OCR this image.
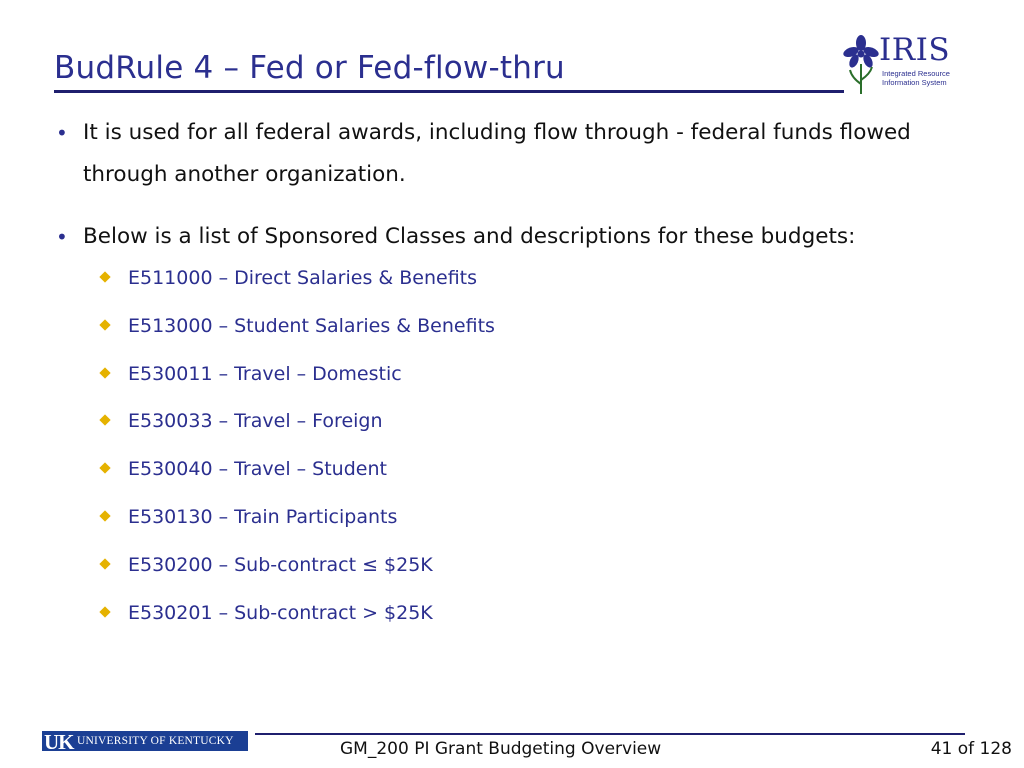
BudRule 4 – Fed or Fed-flow-thru	IRIS
Integrated Resource
Information System

• It is used for all federal awards, including flow through - federal funds flowed through another organization.

• Below is a list of Sponsored Classes and descriptions for these budgets:

E511000 – Direct Salaries & Benefits
E513000 – Student Salaries & Benefits
E530011 – Travel – Domestic
E530033 – Travel – Foreign
E530040 – Travel – Student
E530130 – Train Participants
E530200 – Sub-contract ≤ $25K
E530201 – Sub-contract > $25K
UK UNIVERSITY OF KENTUCKY	GM_200 PI Grant Budgeting Overview	41 of 128
